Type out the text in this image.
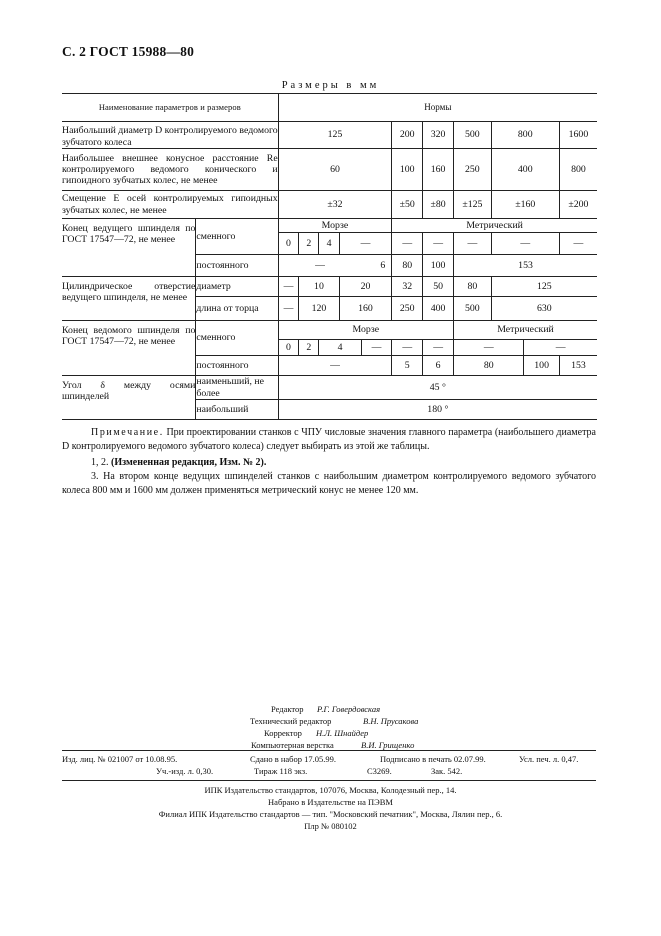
С. 2 ГОСТ 15988—80
Размеры в мм
Наименование параметров и размеров		Нормы										
Наибольший диаметр D контролируемого ведомого зубчатого колеса		125					200	320	500	800		1600
Наибольшее внешнее конусное расстояние Re контролируемого ведомого конического и гипоидного зубчатых колес, не менее		60					100	160	250	400		800
Смещение E осей контролируемых гипоидных зубчатых колес, не менее		±32					±50	±80	±125	±160		±200
Конец ведущего шпинделя по ГОСТ 17547—72, не менее	сменного	Морзе					Метрический					
		0	2	4	—		—	—	—	—		—
	постоянного	—				6	80	100	153			
Цилиндрическое отверстие ведущего шпинделя, не менее	диаметр	—	10		20		32	50	80	125		
	длина от торца	—	120		160		250	400	500	630		
Конец ведомого шпинделя по ГОСТ 17547—72, не менее	сменного	Морзе							Метрический			
		0	2	4		—	—	—	—		—	
	постоянного	—					5	6	80		100	153
Угол δ между осями шпинделей	наименьший, не более	45 °										
	наибольший	180 °										
Примечание. При проектировании станков с ЧПУ числовые значения главного параметра (наибольшего диаметра D контролируемого ведомого зубчатого колеса) следует выбирать из этой же таблицы.
1, 2. (Измененная редакция, Изм. № 2).
3. На втором конце ведущих шпинделей станков с наибольшим диаметром контролируемого ведомого зубчатого колеса 800 мм и 1600 мм должен применяться метрический конус не менее 120 мм.
Редактор Р.Г. Говердовская
Технический редактор	В.Н. Прусакова
Корректор Н.Л. Шнайдер
Компьютерная верстка	В.И. Грищенко
Изд. лиц. № 021007 от 10.08.95.	Сдано в набор 17.05.99.	Подписано в печать 02.07.99.	Усл. печ. л. 0,47.
Уч.-изд. л. 0,30.	Тираж 118 экз.	С3269.	Зак. 542.
ИПК Издательство стандартов, 107076, Москва, Колодезный пер., 14.
Набрано в Издательстве на ПЭВМ
Филиал ИПК Издательство стандартов — тип. "Московский печатник", Москва, Лялин пер., 6.
Плр № 080102
